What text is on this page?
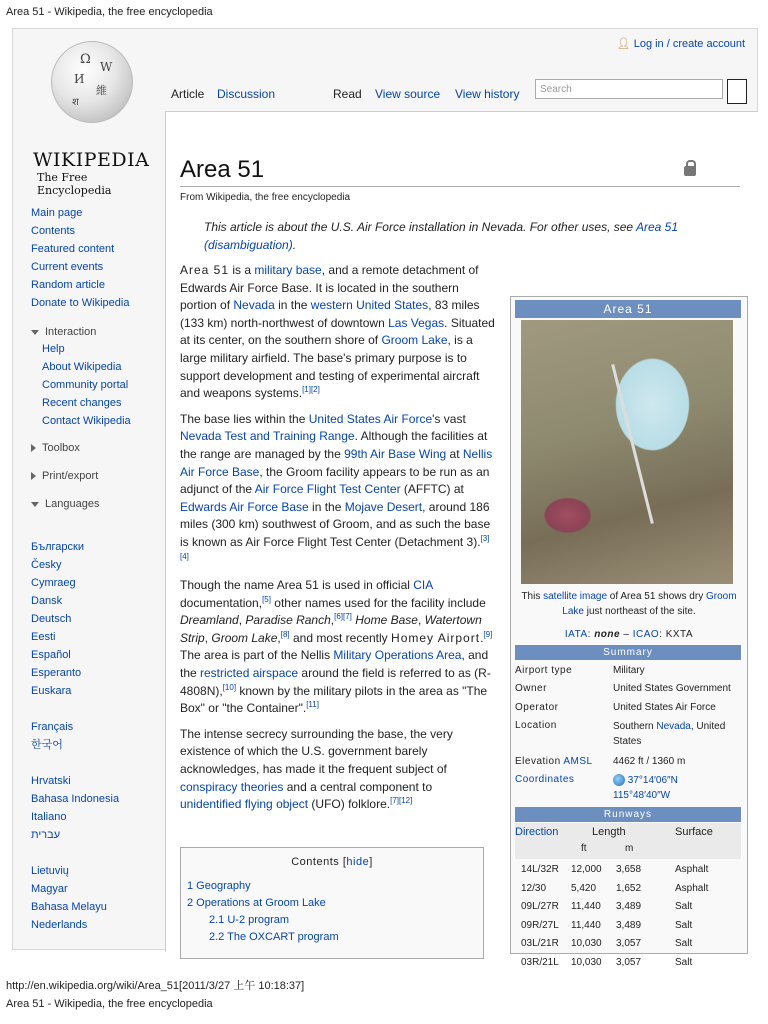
Area 51 - Wikipedia, the free encyclopedia
Ω W
И
維
श
WIKIPEDIA
The Free Encyclopedia
Main page
Contents
Featured content
Current events
Random article
Donate to Wikipedia
Interaction
Help
About Wikipedia
Community portal
Recent changes
Contact Wikipedia
Toolbox
Print/export
Languages
Български
Česky
Cymraeg
Dansk
Deutsch
Eesti
Español
Esperanto
Euskara
Français
한국어
Hrvatski
Bahasa Indonesia
Italiano
עברית
Lietuvių
Magyar
Bahasa Melayu
Nederlands
👤︎ Log in / create account
Article	Discussion	Read	View source	View history	Search
Area 51
From Wikipedia, the free encyclopedia
This article is about the U.S. Air Force installation in Nevada. For other uses, see Area 51 (disambiguation).

Area 51 is a military base, and a remote detachment of Edwards Air Force Base. It is located in the southern portion of Nevada in the western United States, 83 miles (133 km) north-northwest of downtown Las Vegas. Situated at its center, on the southern shore of Groom Lake, is a large military airfield. The base's primary purpose is to support development and testing of experimental aircraft and weapons systems.[1][2]

The base lies within the United States Air Force's vast Nevada Test and Training Range. Although the facilities at the range are managed by the 99th Air Base Wing at Nellis Air Force Base, the Groom facility appears to be run as an adjunct of the Air Force Flight Test Center (AFFTC) at Edwards Air Force Base in the Mojave Desert, around 186 miles (300 km) southwest of Groom, and as such the base is known as Air Force Flight Test Center (Detachment 3).[3][4]

Though the name Area 51 is used in official CIA documentation,[5] other names used for the facility include Dreamland, Paradise Ranch,[6][7] Home Base, Watertown Strip, Groom Lake,[8] and most recently Homey Airport.[9] The area is part of the Nellis Military Operations Area, and the restricted airspace around the field is referred to as (R-4808N),[10] known by the military pilots in the area as "The Box" or "the Container".[11]

The intense secrecy surrounding the base, the very existence of which the U.S. government barely acknowledges, has made it the frequent subject of conspiracy theories and a central component to unidentified flying object (UFO) folklore.[7][12]

Contents [hide]
1 Geography
2 Operations at Groom Lake
2.1 U-2 program
2.2 The OXCART program
Area 51
This satellite image of Area 51 shows dry Groom Lake just northeast of the site.
IATA: none – ICAO: KXTA
Summary
Airport type	Military
Owner	United States Government
Operator	United States Air Force
Location	Southern Nevada, United States
Elevation AMSL 4462 ft / 1360 m
Coordinates	37°14′06″N
115°48′40″W
Runways
Direction	Length	Surface
ft	m
14L/32R 12,000 3,658	Asphalt
12/30 5,420 1,652	Asphalt
09L/27R 11,440 3,489	Salt
09R/27L 11,440 3,489	Salt
03L/21R 10,030 3,057	Salt
03R/21L 10,030 3,057	Salt
http://en.wikipedia.org/wiki/Area_51[2011/3/27 上午 10:18:37]
Area 51 - Wikipedia, the free encyclopedia
